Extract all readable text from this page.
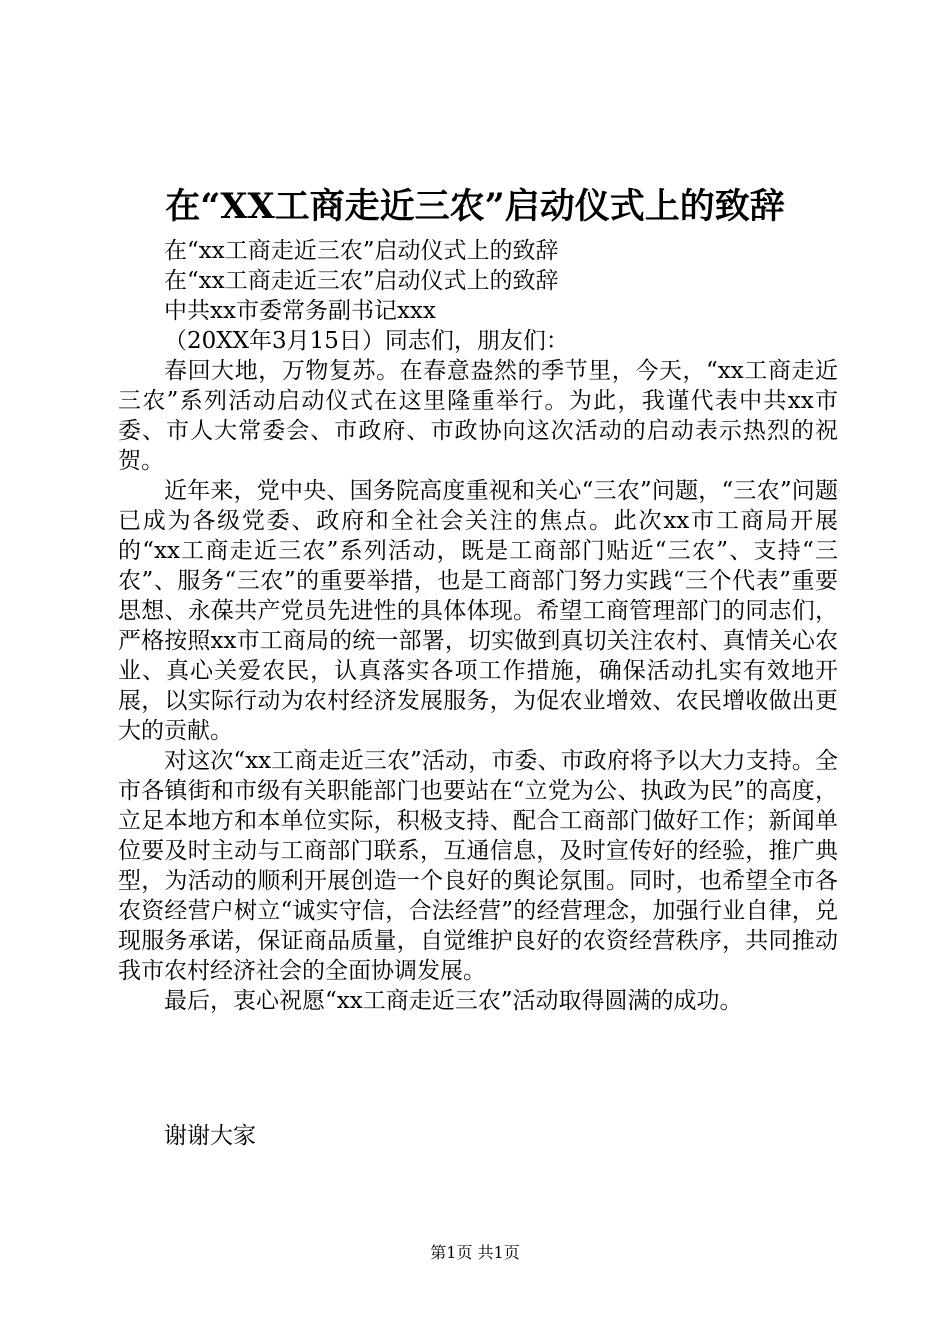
在“XX工商走近三农”启动仪式上的致辞

在“xx工商走近三农”启动仪式上的致辞

在“xx工商走近三农”启动仪式上的致辞

中共xx市委常务副书记xxx

（20XX年3月15日）同志们，朋友们：

春回大地，万物复苏。在春意盎然的季节里，今天，“xx工商走近三农”系列活动启动仪式在这里隆重举行。为此，我谨代表中共xx市委、市人大常委会、市政府、市政协向这次活动的启动表示热烈的祝贺。

近年来，党中央、国务院高度重视和关心“三农”问题，“三农”问题已成为各级党委、政府和全社会关注的焦点。此次xx市工商局开展的“xx工商走近三农”系列活动，既是工商部门贴近“三农”、支持“三农”、服务“三农”的重要举措，也是工商部门努力实践“三个代表”重要思想、永葆共产党员先进性的具体体现。希望工商管理部门的同志们，严格按照xx市工商局的统一部署，切实做到真切关注农村、真情关心农业、真心关爱农民，认真落实各项工作措施，确保活动扎实有效地开展，以实际行动为农村经济发展服务，为促农业增效、农民增收做出更大的贡献。

对这次“xx工商走近三农”活动，市委、市政府将予以大力支持。全市各镇街和市级有关职能部门也要站在“立党为公、执政为民”的高度，立足本地方和本单位实际，积极支持、配合工商部门做好工作；新闻单位要及时主动与工商部门联系，互通信息，及时宣传好的经验，推广典型，为活动的顺利开展创造一个良好的舆论氛围。同时，也希望全市各农资经营户树立“诚实守信，合法经营”的经营理念，加强行业自律，兑现服务承诺，保证商品质量，自觉维护良好的农资经营秩序，共同推动我市农村经济社会的全面协调发展。

最后，衷心祝愿“xx工商走近三农”活动取得圆满的成功。

谢谢大家

第1页 共1页
